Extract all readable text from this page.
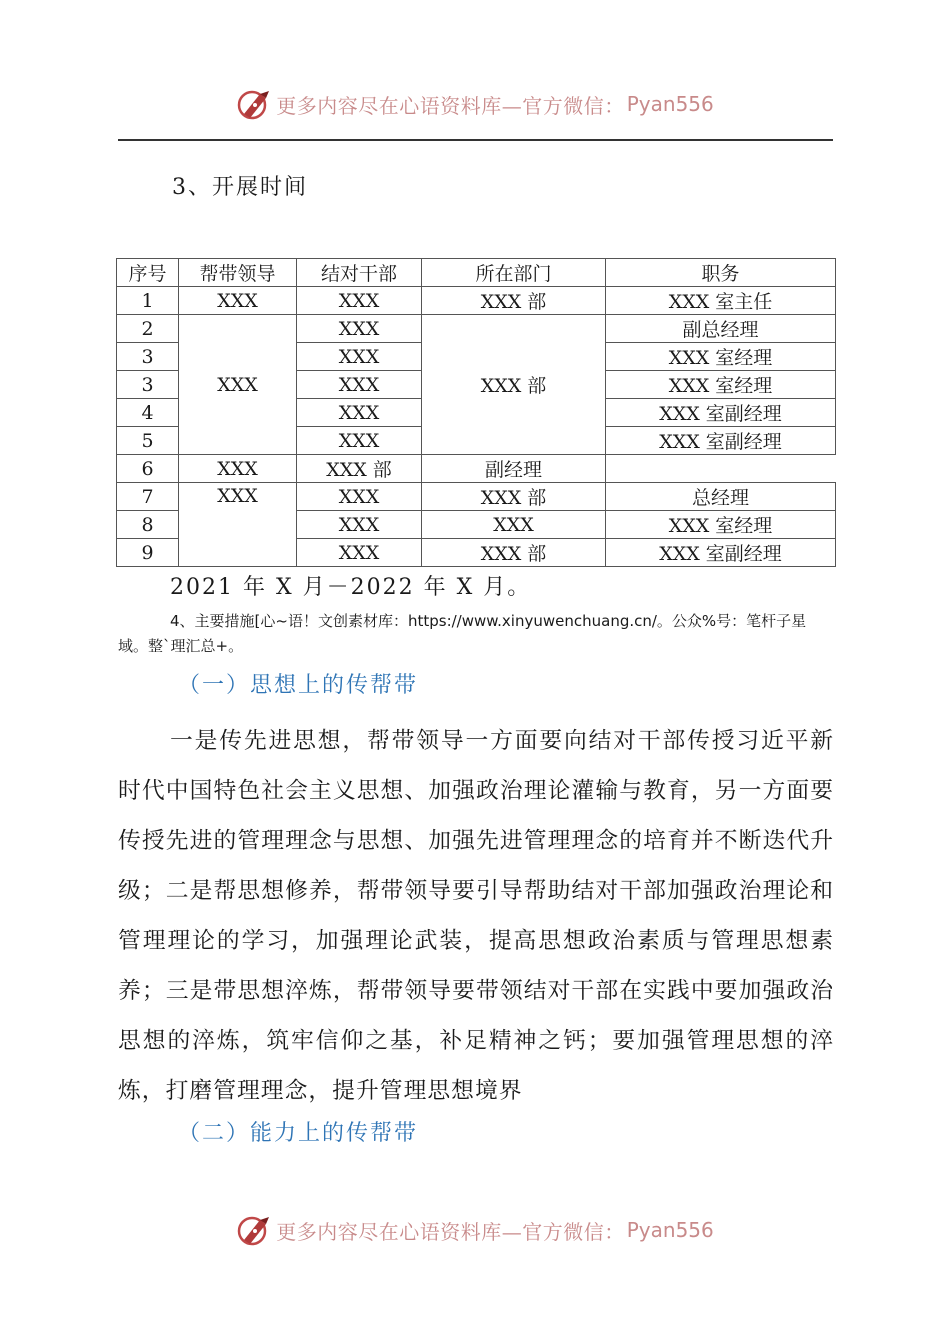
更多内容尽在心语资料库—官方微信： Pyan556
3、开展时间
序号	帮带领导	结对干部	所在部门	职务
1	XXX	XXX	XXX 部	XXX 室主任
2	XXX	XXX	XXX 部	副总经理
3		XXX		XXX 室经理
3		XXX		XXX 室经理
4		XXX		XXX 室副经理
5		XXX		XXX 室副经理
6	XXX	XXX 部	副经理	
7	XXX	XXX	XXX 部	总经理
8		XXX	XXX	XXX 室经理
9		XXX	XXX 部	XXX 室副经理
2021 年 X 月－2022 年 X 月。
4、主要措施[心~语！文创素材库：https://www.xinyuwenchuang.cn/。公众%号：笔杆子星域。整`理汇总+。
（一）思想上的传帮带
一是传先进思想，帮带领导一方面要向结对干部传授习近平新时代中国特色社会主义思想、加强政治理论灌输与教育，另一方面要传授先进的管理理念与思想、加强先进管理理念的培育并不断迭代升级；二是帮思想修养，帮带领导要引导帮助结对干部加强政治理论和管理理论的学习，加强理论武装，提高思想政治素质与管理思想素养；三是带思想淬炼，帮带领导要带领结对干部在实践中要加强政治思想的淬炼，筑牢信仰之基，补足精神之钙；要加强管理思想的淬炼，打磨管理理念，提升管理思想境界
（二）能力上的传帮带
更多内容尽在心语资料库—官方微信： Pyan556
